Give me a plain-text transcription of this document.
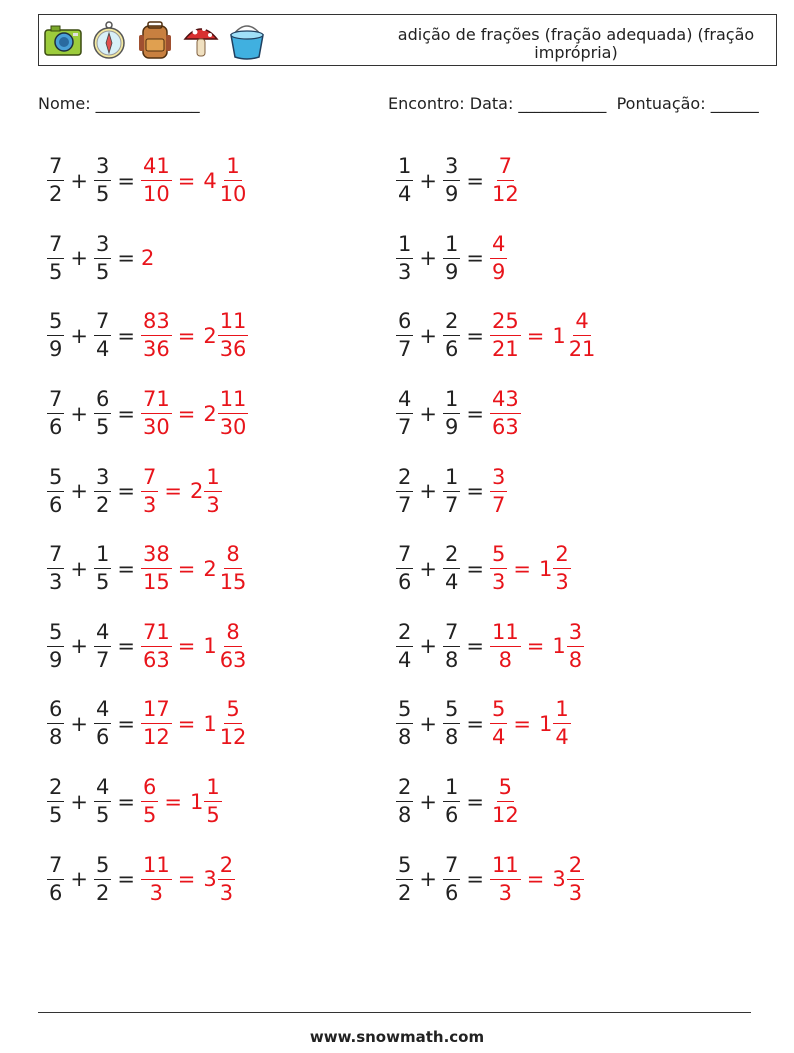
adição de frações (fração adequada) (fração imprópria)
Nome: _____________	Encontro: Data: ___________  Pontuação: ______
$\frac{7}{2} + \frac{3}{5} = \frac{41}{10} = 4 \frac{1}{10}$
$\frac{7}{5} + \frac{3}{5} = 2$
$\frac{5}{9} + \frac{7}{4} = \frac{83}{36} = 2 \frac{11}{36}$
$\frac{7}{6} + \frac{6}{5} = \frac{71}{30} = 2 \frac{11}{30}$
$\frac{5}{6} + \frac{3}{2} = \frac{7}{3} = 2 \frac{1}{3}$
$\frac{7}{3} + \frac{1}{5} = \frac{38}{15} = 2 \frac{8}{15}$
$\frac{5}{9} + \frac{4}{7} = \frac{71}{63} = 1 \frac{8}{63}$
$\frac{6}{8} + \frac{4}{6} = \frac{17}{12} = 1 \frac{5}{12}$
$\frac{2}{5} + \frac{4}{5} = \frac{6}{5} = 1 \frac{1}{5}$
$\frac{7}{6} + \frac{5}{2} = \frac{11}{3} = 3 \frac{2}{3}$
$\frac{1}{4} + \frac{3}{9} = \frac{7}{12}$
$\frac{1}{3} + \frac{1}{9} = \frac{4}{9}$
$\frac{6}{7} + \frac{2}{6} = \frac{25}{21} = 1 \frac{4}{21}$
$\frac{4}{7} + \frac{1}{9} = \frac{43}{63}$
$\frac{2}{7} + \frac{1}{7} = \frac{3}{7}$
$\frac{7}{6} + \frac{2}{4} = \frac{5}{3} = 1 \frac{2}{3}$
$\frac{2}{4} + \frac{7}{8} = \frac{11}{8} = 1 \frac{3}{8}$
$\frac{5}{8} + \frac{5}{8} = \frac{5}{4} = 1 \frac{1}{4}$
$\frac{2}{8} + \frac{1}{6} = \frac{5}{12}$
$\frac{5}{2} + \frac{7}{6} = \frac{11}{3} = 3 \frac{2}{3}$
www.snowmath.com
